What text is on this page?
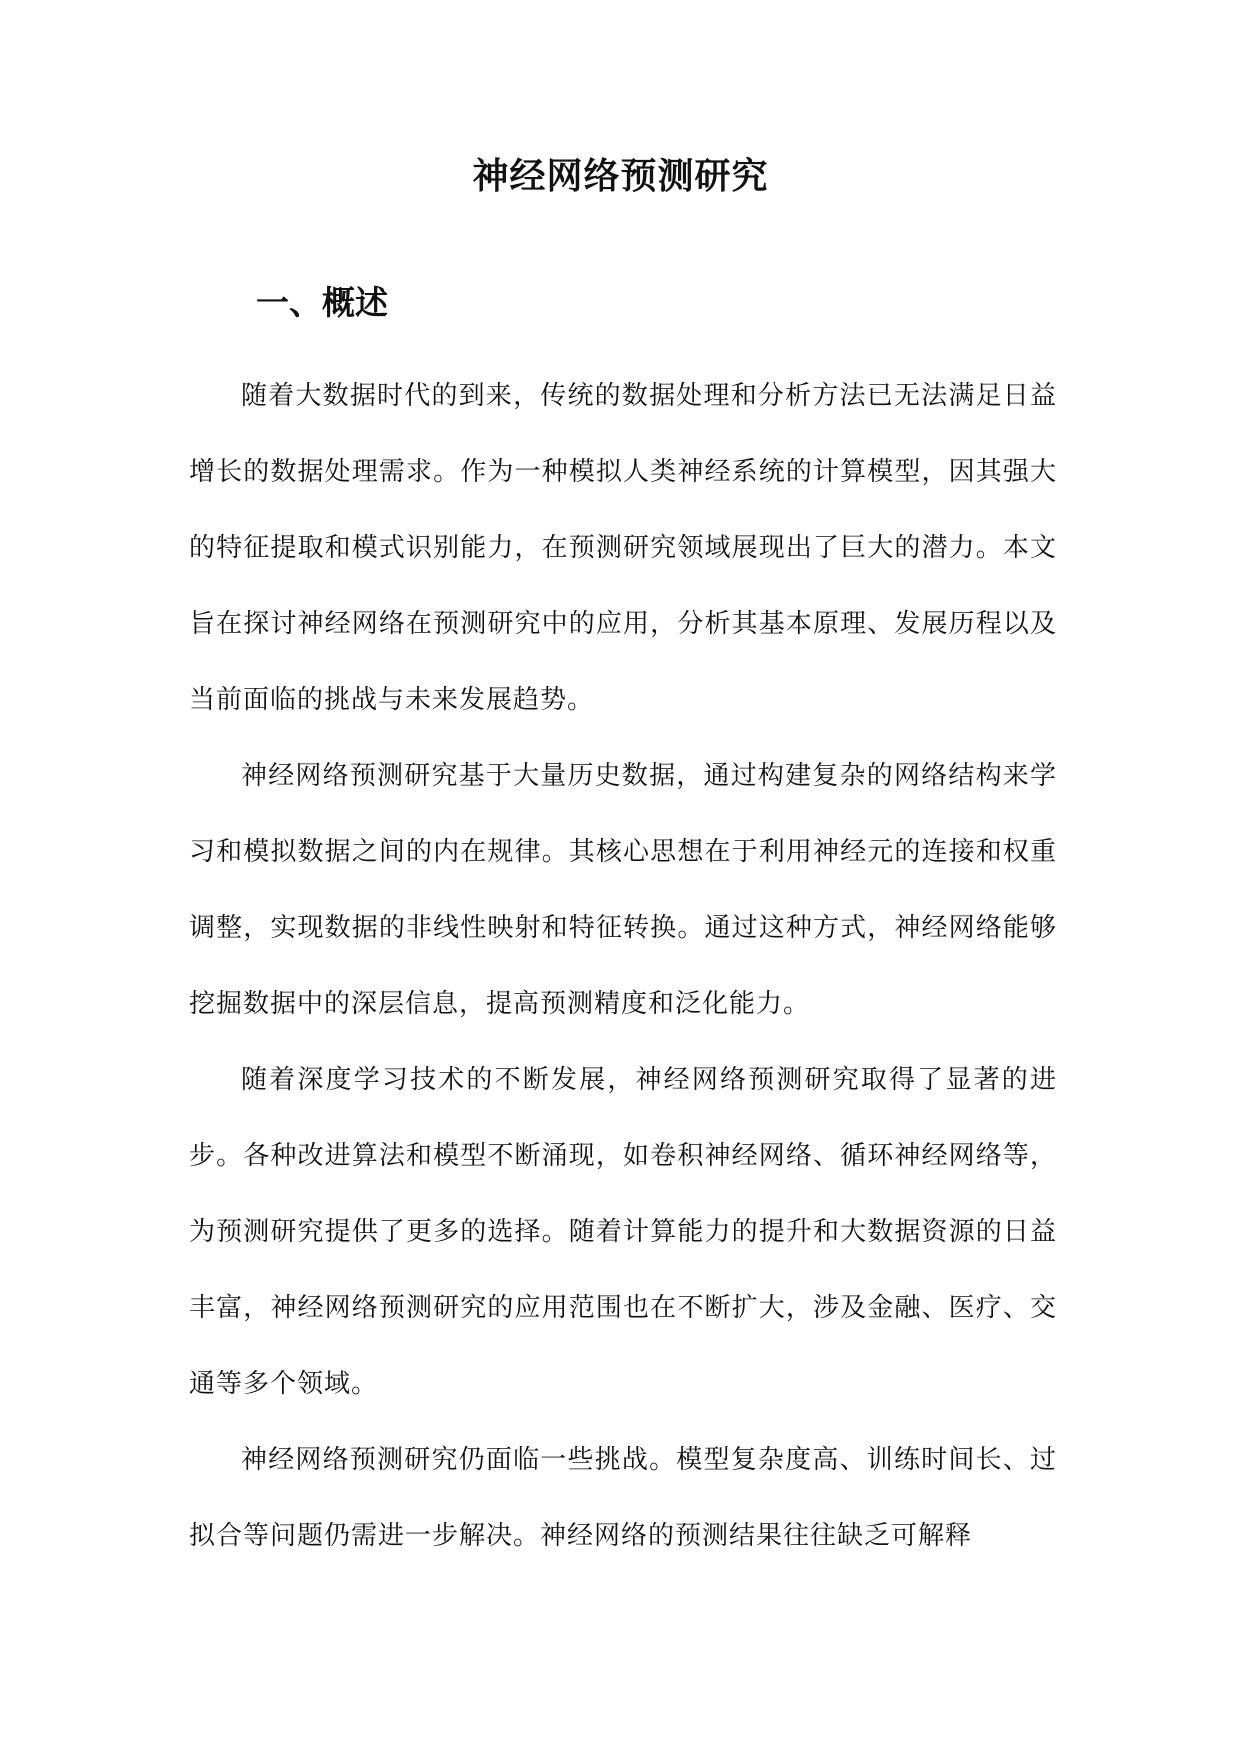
神经网络预测研究
一、概述

随着大数据时代的到来，传统的数据处理和分析方法已无法满足日益增长的数据处理需求。作为一种模拟人类神经系统的计算模型，因其强大的特征提取和模式识别能力，在预测研究领域展现出了巨大的潜力。本文旨在探讨神经网络在预测研究中的应用，分析其基本原理、发展历程以及当前面临的挑战与未来发展趋势。

神经网络预测研究基于大量历史数据，通过构建复杂的网络结构来学习和模拟数据之间的内在规律。其核心思想在于利用神经元的连接和权重调整，实现数据的非线性映射和特征转换。通过这种方式，神经网络能够挖掘数据中的深层信息，提高预测精度和泛化能力。

随着深度学习技术的不断发展，神经网络预测研究取得了显著的进步。各种改进算法和模型不断涌现，如卷积神经网络、循环神经网络等，为预测研究提供了更多的选择。随着计算能力的提升和大数据资源的日益丰富，神经网络预测研究的应用范围也在不断扩大，涉及金融、医疗、交通等多个领域。

神经网络预测研究仍面临一些挑战。模型复杂度高、训练时间长、过拟合等问题仍需进一步解决。神经网络的预测结果往往缺乏可解释
